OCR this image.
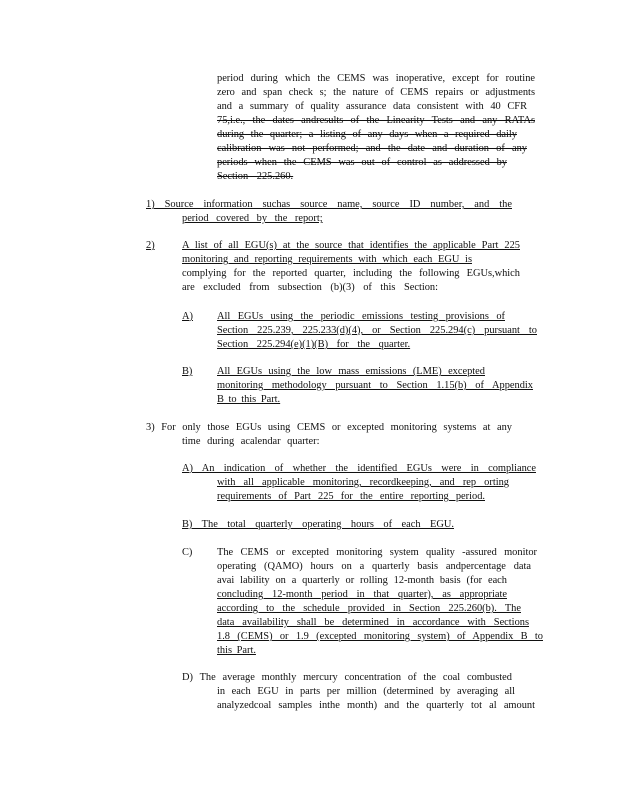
period during which the CEMS was inoperative, except for routine
zero and span check s; the nature of CEMS repairs or adjustments
and a summary of quality assurance data consistent with 40 CFR
75,i.e., the dates andresults of the Linearity Tests and any RATAs
during the quarter; a listing of any days when a required daily
calibration was not performed; and the date and duration of any
periods when the CEMS was out of control as addressed by
Section 225.260.
1) Source information suchas source name, source ID number, and the
period covered by the report;
2)	A list of all EGU(s) at the source that identifies the applicable Part 225
monitoring and reporting requirements with which each EGU is
complying for the reported quarter, including the following EGUs,which
are excluded from subsection (b)(3) of this Section:
A) All EGUs using the periodic emissions testing provisions of
Section 225.239, 225.233(d)(4), or Section 225.294(c) pursuant to
Section 225.294(e)(1)(B) for the quarter.
B) All EGUs using the low mass emissions (LME) excepted
monitoring methodology pursuant to Section 1.15(b) of Appendix
B to this Part.
3) For only those EGUs using CEMS or excepted monitoring systems at any
time during acalendar quarter:
A) An indication of whether the identified EGUs were in compliance
with all applicable monitoring, recordkeeping, and rep orting
requirements of Part 225 for the entire reporting period.
B) The total quarterly operating hours of each EGU.
C) The CEMS or excepted monitoring system quality -assured monitor
operating (QAMO) hours on a quarterly basis andpercentage data
avai lability on a quarterly or rolling 12-month basis (for each
concluding 12-month period in that quarter), as appropriate
according to the schedule provided in Section 225.260(b). The
data availability shall be determined in accordance with Sections
1.8 (CEMS) or 1.9 (excepted monitoring system) of Appendix B to
this Part.
D) The average monthly mercury concentration of the coal combusted
in each EGU in parts per million (determined by averaging all
analyzedcoal samples inthe month) and the quarterly tot al amount
